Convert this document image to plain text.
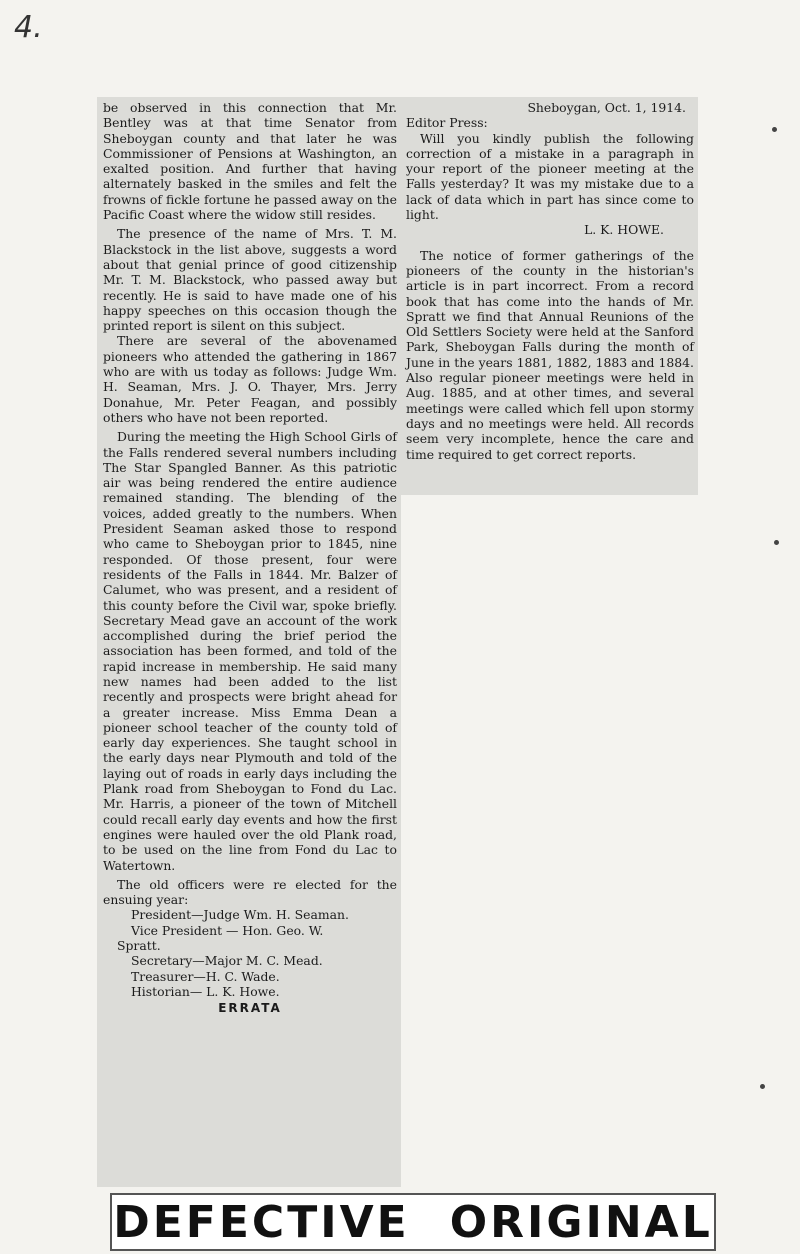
4.

be observed in this connection that Mr. Bentley was at that time Senator from Sheboygan county and that later he was Commissioner of Pensions at Washington, an exalted position. And further that having alternately basked in the smiles and felt the frowns of fickle fortune he passed away on the Pacific Coast where the widow still resides.

The presence of the name of Mrs. T. M. Blackstock in the list above, suggests a word about that genial prince of good citizenship Mr. T. M. Blackstock, who passed away but recently. He is said to have made one of his happy speeches on this occasion though the printed report is silent on this subject.

There are several of the abovenamed pioneers who attended the gathering in 1867 who are with us today as follows: Judge Wm. H. Seaman, Mrs. J. O. Thayer, Mrs. Jerry Donahue, Mr. Peter Feagan, and possibly others who have not been reported.

During the meeting the High School Girls of the Falls rendered several numbers including The Star Spangled Banner. As this patriotic air was being rendered the entire audience remained standing. The blending of the voices, added greatly to the numbers. When President Seaman asked those to respond who came to Sheboygan prior to 1845, nine responded. Of those present, four were residents of the Falls in 1844. Mr. Balzer of Calumet, who was present, and a resident of this county before the Civil war, spoke briefly. Secretary Mead gave an account of the work accomplished during the brief period the association has been formed, and told of the rapid increase in membership. He said many new names had been added to the list recently and prospects were bright ahead for a greater increase. Miss Emma Dean a pioneer school teacher of the county told of early day experiences. She taught school in the early days near Plymouth and told of the laying out of roads in early days including the Plank road from Sheboygan to Fond du Lac. Mr. Harris, a pioneer of the town of Mitchell could recall early day events and how the first engines were hauled over the old Plank road, to be used on the line from Fond du Lac to Watertown.

The old officers were re elected for the ensuing year:

President—Judge Wm. H. Seaman.

Vice President — Hon. Geo. W.

Spratt.

Secretary—Major M. C. Mead.

Treasurer—H. C. Wade.

Historian— L. K. Howe.

ERRATA
Sheboygan, Oct. 1, 1914.

Editor Press:

Will you kindly publish the following correction of a mistake in a paragraph in your report of the pioneer meeting at the Falls yesterday? It was my mistake due to a lack of data which in part has since come to light.

L. K. HOWE.

The notice of former gatherings of the pioneers of the county in the historian's article is in part incorrect. From a record book that has come into the hands of Mr. Spratt we find that Annual Reunions of the Old Settlers Society were held at the Sanford Park, Sheboygan Falls during the month of June in the years 1881, 1882, 1883 and 1884. Also regular pioneer meetings were held in Aug. 1885, and at other times, and several meetings were called which fell upon stormy days and no meetings were held. All records seem very incomplete, hence the care and time required to get correct reports.

DEFECTIVE ORIGINAL
